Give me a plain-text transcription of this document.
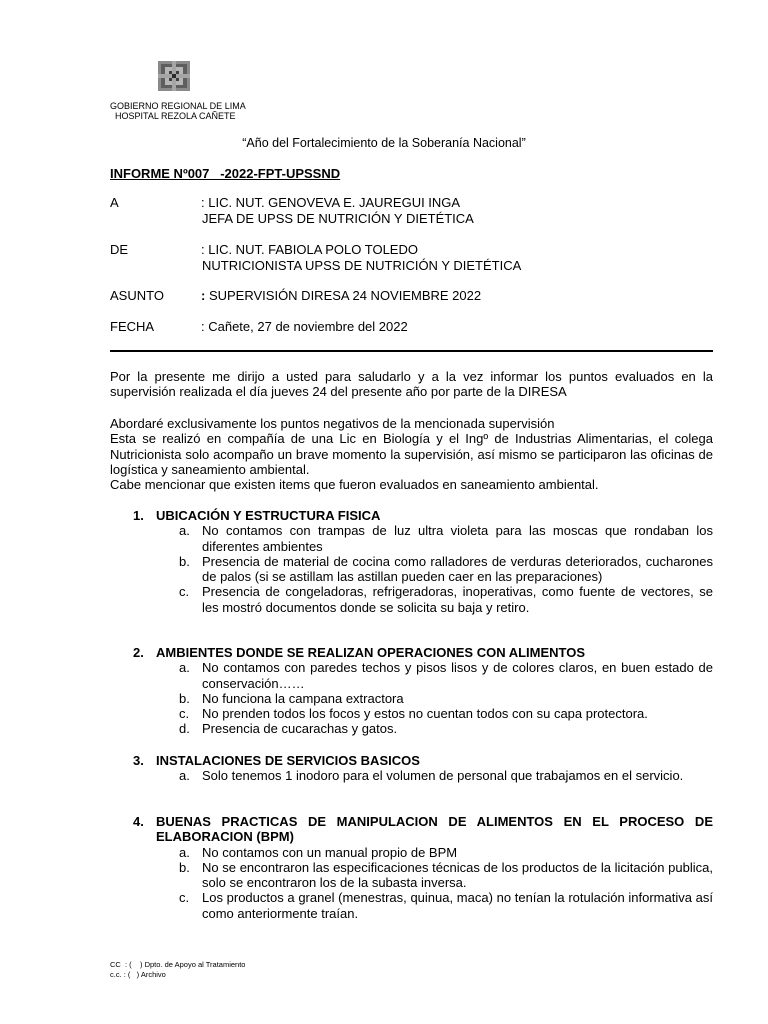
GOBIERNO REGIONAL DE LIMA
HOSPITAL REZOLA CAÑETE
“Año del Fortalecimiento de la Soberanía Nacional”
INFORME Nº007   -2022-FPT-UPSSND
A	: LIC. NUT. GENOVEVA E. JAUREGUI INGA
JEFA DE UPSS DE NUTRICIÓN Y DIETÉTICA
DE	: LIC. NUT. FABIOLA POLO TOLEDO
NUTRICIONISTA UPSS DE NUTRICIÓN Y DIETÉTICA
ASUNTO	: SUPERVISIÓN DIRESA 24 NOVIEMBRE 2022
FECHA	: Cañete, 27 de noviembre del 2022

Por la presente me dirijo a usted para saludarlo y a la vez informar los puntos evaluados en la supervisión realizada el día jueves 24 del presente año por parte de la DIRESA

Abordaré exclusivamente los puntos negativos de la mencionada supervisión

Esta se realizó en compañía de una Lic en Biología y el Ingº de Industrias Alimentarias, el colega Nutricionista solo acompaño un brave momento la supervisión, así mismo se participaron las oficinas de logística y saneamiento ambiental.

Cabe mencionar que existen items que fueron evaluados en saneamiento ambiental.

1. UBICACIÓN Y ESTRUCTURA FISICA
a. No contamos con trampas de luz ultra violeta para las moscas que rondaban los diferentes ambientes
b. Presencia de material de cocina como ralladores de verduras deteriorados, cucharones de palos (si se astillam las astillan pueden caer en las preparaciones)
c. Presencia de congeladoras, refrigeradoras, inoperativas, como fuente de vectores, se les mostró documentos donde se solicita su baja y retiro.
2. AMBIENTES DONDE SE REALIZAN OPERACIONES CON ALIMENTOS
a. No contamos con paredes techos y pisos lisos y de colores claros, en buen estado de conservación……
b. No funciona la campana extractora
c. No prenden todos los focos y estos no cuentan todos con su capa protectora.
d. Presencia de cucarachas y gatos.
3. INSTALACIONES DE SERVICIOS BASICOS
a. Solo tenemos 1 inodoro para el volumen de personal que trabajamos en el servicio.
4. BUENAS PRACTICAS DE MANIPULACION DE ALIMENTOS EN EL PROCESO DE ELABORACION (BPM)
a. No contamos con un manual propio de BPM
b. No se encontraron las especificaciones técnicas de los productos de la licitación publica, solo se encontraron los de la subasta inversa.
c. Los productos a granel (menestras, quinua, maca) no tenían la rotulación informativa así como anteriormente traían.
CC  : (    ) Dpto. de Apoyo al Tratamiento
c.c. : (   ) Archivo
